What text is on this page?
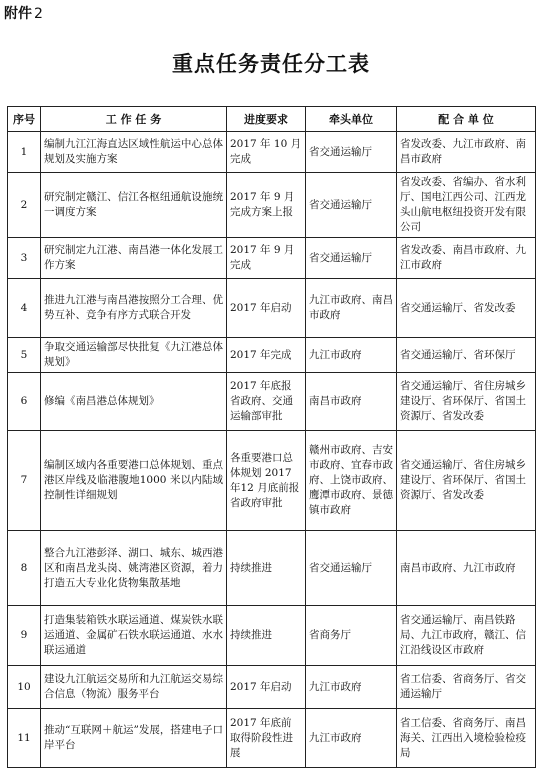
附件 2
重点任务责任分工表
序号	工 作 任 务	进度要求	牵头单位	配 合 单 位
1	编制九江江海直达区域性航运中心总体规划及实施方案	2017 年 10 月完成	省交通运输厅	省发改委、九江市政府、南昌市政府
2	研究制定赣江、信江各枢纽通航设施统一调度方案	2017 年 9 月完成方案上报	省交通运输厅	省发改委、省编办、省水利厅、国电江西公司、江西龙头山航电枢纽投资开发有限公司
3	研究制定九江港、南昌港一体化发展工作方案	2017 年 9 月完成	省交通运输厅	省发改委、南昌市政府、九江市政府
4	推进九江港与南昌港按照分工合理、优势互补、竞争有序方式联合开发	2017 年启动	九江市政府、南昌市政府	省交通运输厅、省发改委
5	争取交通运输部尽快批复《九江港总体规划》	2017 年完成	九江市政府	省交通运输厅、省环保厅
6	修编《南昌港总体规划》	2017 年底报省政府、交通运输部审批	南昌市政府	省交通运输厅、省住房城乡建设厅、省环保厅、省国土资源厅、省发改委
7	编制区域内各重要港口总体规划、重点港区岸线及临港腹地1000 米以内陆域控制性详细规划	各重要港口总体规划 2017 年12 月底前报省政府审批	赣州市政府、吉安市政府、宜春市政府、上饶市政府、鹰潭市政府、景德镇市政府	省交通运输厅、省住房城乡建设厅、省环保厅、省国土资源厅、省发改委
8	整合九江港彭泽、湖口、城东、城西港区和南昌龙头岗、姚湾港区资源，着力打造五大专业化货物集散基地	持续推进	省交通运输厅	南昌市政府、九江市政府
9	打造集装箱铁水联运通道、煤炭铁水联运通道、金属矿石铁水联运通道、水水联运通道	持续推进	省商务厅	省交通运输厅、南昌铁路局、九江市政府，赣江、信江沿线设区市政府
10	建设九江航运交易所和九江航运交易综合信息（物流）服务平台	2017 年启动	九江市政府	省工信委、省商务厅、省交通运输厅
11	推动“互联网＋航运”发展，搭建电子口岸平台	2017 年底前取得阶段性进展	九江市政府	省工信委、省商务厅、南昌海关、江西出入境检验检疫局
